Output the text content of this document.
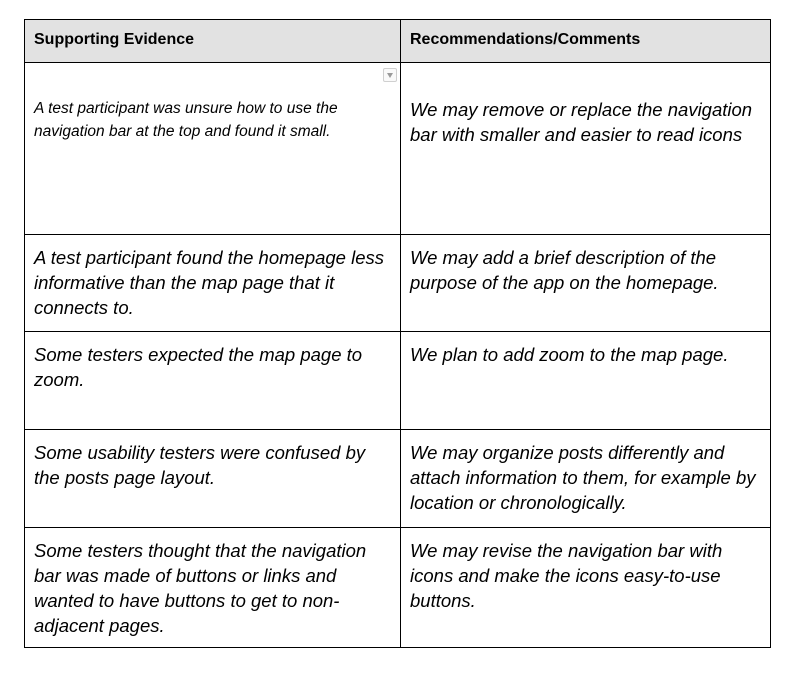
Supporting Evidence	Recommendations/Comments
A test participant was unsure how to use the navigation bar at the top and found it small.
We may remove or replace the navigation bar with smaller and easier to read icons
A test participant found the homepage less informative than the map page that it connects to.
We may add a brief description of the purpose of the app on the homepage.
Some testers expected the map page to zoom.
We plan to add zoom to the map page.
Some usability testers were confused by the posts page layout.
We may organize posts differently and attach information to them, for example by location or chronologically.
Some testers thought that the navigation bar was made of buttons or links and wanted to have buttons to get to non-adjacent pages.
We may revise the navigation bar with icons and make the icons easy-to-use buttons.
